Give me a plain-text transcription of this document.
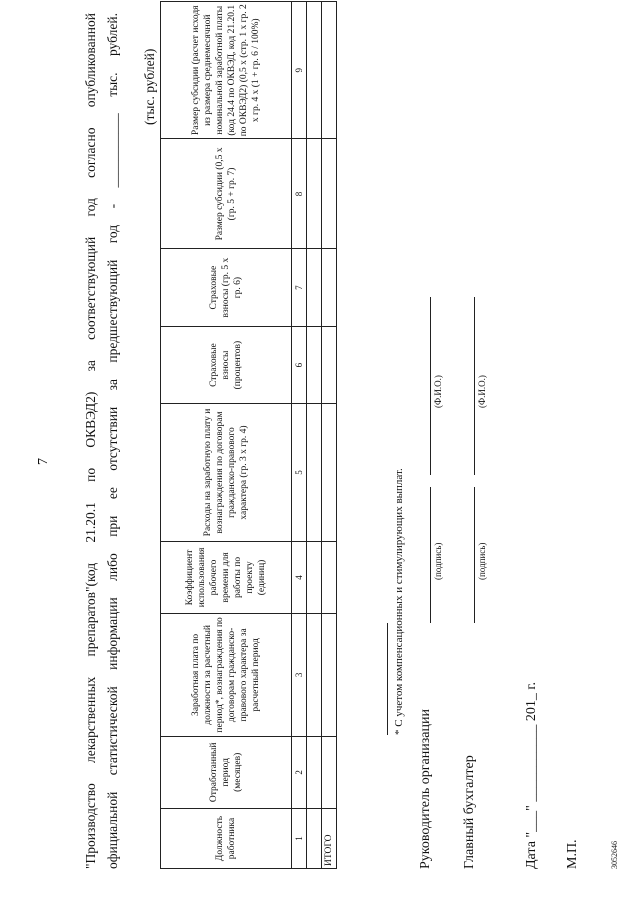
7 "Производство лекарственных препаратов"(код 21.20.1 по ОКВЭД2) за соответствующий год согласно опубликованной официальной статистической информации либо при ее отсутствии за предшествующий год - ___________ тыс. рублей. (тыс. рублей)
Должность работника	Отработанный период (месяцев)	Заработная плата по должности за расчетный период*, вознаграждения по договорам гражданско-правового характера за расчетный период	Коэффициент использования рабочего времени для работы по проекту (единиц)	Расходы на заработную плату и вознаграждения по договорам гражданско-правового характера (гр. 3 х гр. 4)	Страховые взносы (процентов)	Страховые взносы (гр. 5 х гр. 6)	Размер субсидии (0,5 х (гр. 5 + гр. 7)	Размер субсидии (расчет исходя из размера среднемесячной номинальной заработной платы (код 24.4 по ОКВЭД, код 21.20.1 по ОКВЭД2) (0,5 х (стр. 1 х гр. 2 х гр. 4 х (1 + гр. 6 / 100%)
1	2	3	4	5	6	7	8	9

ИТОГО								
* С учетом компенсационных и стимулирующих выплат.
Руководитель организации
(подпись)
(Ф.И.О.)
Главный бухгалтер
(подпись)
(Ф.И.О.)
Дата "___" ___________ 201_ г. М.П.	3052646
